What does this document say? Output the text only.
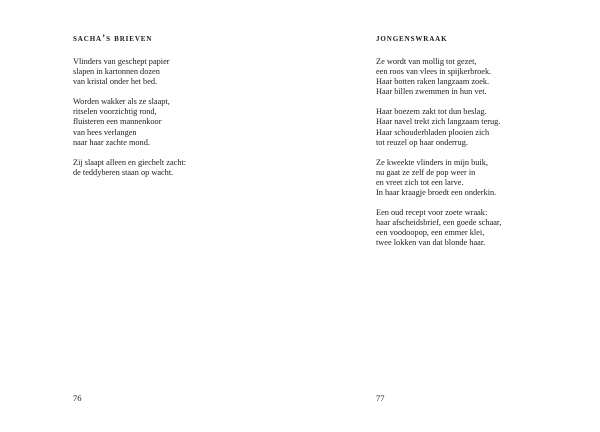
sacha’s brieven
Vlinders van geschept papier
slapen in kartonnen dozen
van kristal onder het bed.
Worden wakker als ze slaapt,
ritselen voorzichtig rond,
fluisteren een mannenkoor
van hees verlangen
naar haar zachte mond.
Zij slaapt alleen en giechelt zacht:
de teddyberen staan op wacht.
76
jongenswraak
Ze wordt van mollig tot gezet,
een roos van vlees in spijkerbroek.
Haar botten raken langzaam zoek.
Haar billen zwemmen in hun vet.
Haar boezem zakt tot dun beslag.
Haar navel trekt zich langzaam terug.
Haar schouderbladen plooien zich
tot reuzel op haar onderrug.
Ze kweekte vlinders in mijn buik,
nu gaat ze zelf de pop weer in
en vreet zich tot een larve.
In haar kraagje broedt een onderkin.
Een oud recept voor zoete wraak:
haar afscheidsbrief, een goede schaar,
een voodoopop, een emmer klei,
twee lokken van dat blonde haar.
77
